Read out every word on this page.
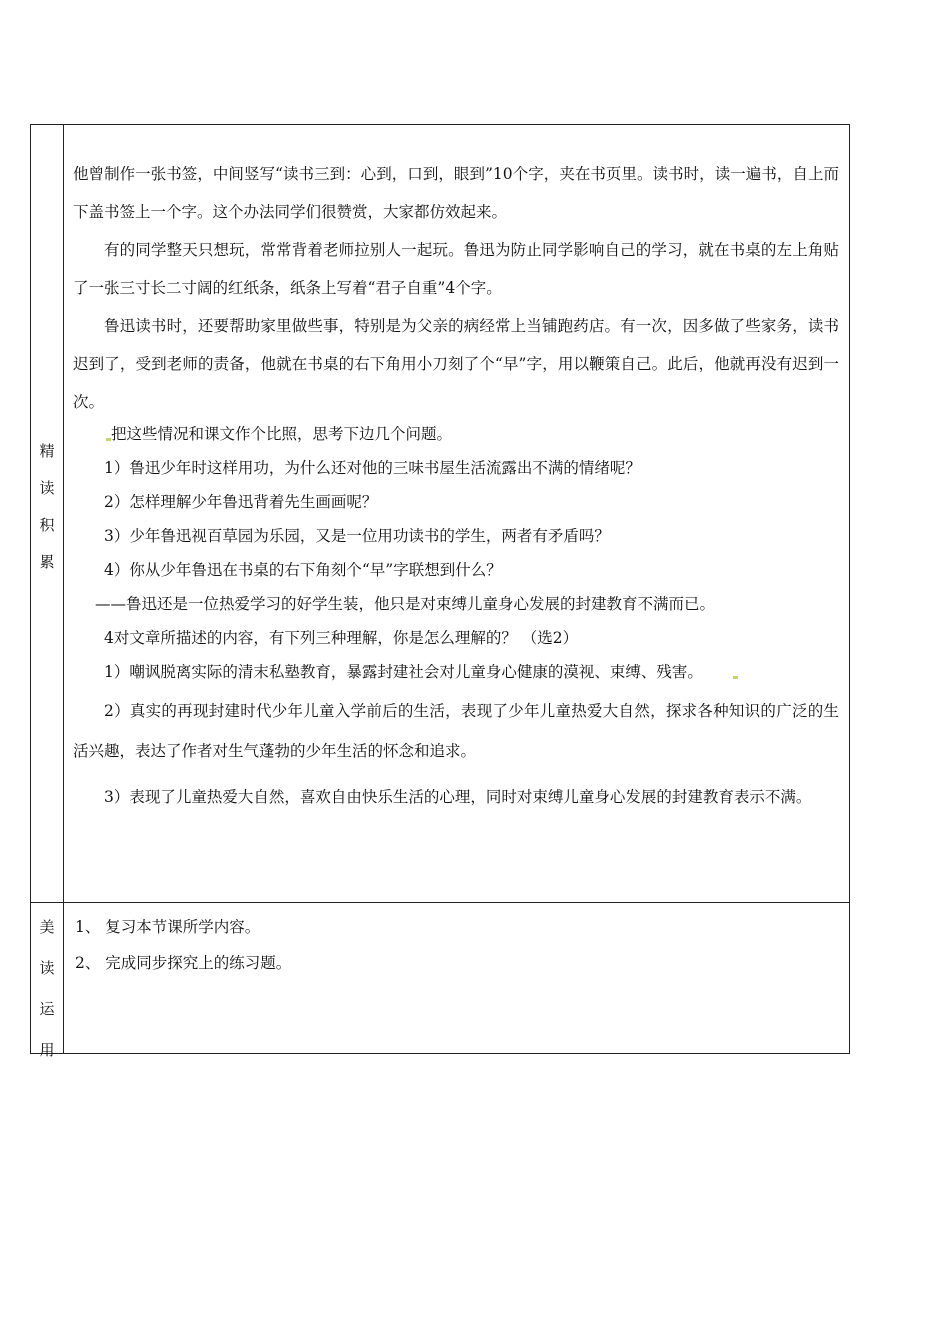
精
读
积
累

他曾制作一张书签，中间竖写“读书三到：心到，口到，眼到”10个字，夹在书页里。读书时，读一遍书，自上而下盖书签上一个字。这个办法同学们很赞赏，大家都仿效起来。

有的同学整天只想玩，常常背着老师拉别人一起玩。鲁迅为防止同学影响自己的学习，就在书桌的左上角贴了一张三寸长二寸阔的红纸条，纸条上写着“君子自重”4个字。

鲁迅读书时，还要帮助家里做些事，特别是为父亲的病经常上当铺跑药店。有一次，因多做了些家务，读书迟到了，受到老师的责备，他就在书桌的右下角用小刀刻了个“早”字，用以鞭策自己。此后，他就再没有迟到一次。

把这些情况和课文作个比照，思考下边几个问题。

1）鲁迅少年时这样用功，为什么还对他的三味书屋生活流露出不满的情绪呢？

2）怎样理解少年鲁迅背着先生画画呢？

3）少年鲁迅视百草园为乐园，又是一位用功读书的学生，两者有矛盾吗？

4）你从少年鲁迅在书桌的右下角刻个“早”字联想到什么？

——鲁迅还是一位热爱学习的好学生装，他只是对束缚儿童身心发展的封建教育不满而已。

4对文章所描述的内容，有下列三种理解，你是怎么理解的？ （选2）

1）嘲讽脱离实际的清末私塾教育，暴露封建社会对儿童身心健康的漠视、束缚、残害。

2）真实的再现封建时代少年儿童入学前后的生活，表现了少年儿童热爱大自然，探求各种知识的广泛的生活兴趣，表达了作者对生气蓬勃的少年生活的怀念和追求。

3）表现了儿童热爱大自然，喜欢自由快乐生活的心理，同时对束缚儿童身心发展的封建教育表示不满。

美
读
运
用

1、 复习本节课所学内容。

2、 完成同步探究上的练习题。
